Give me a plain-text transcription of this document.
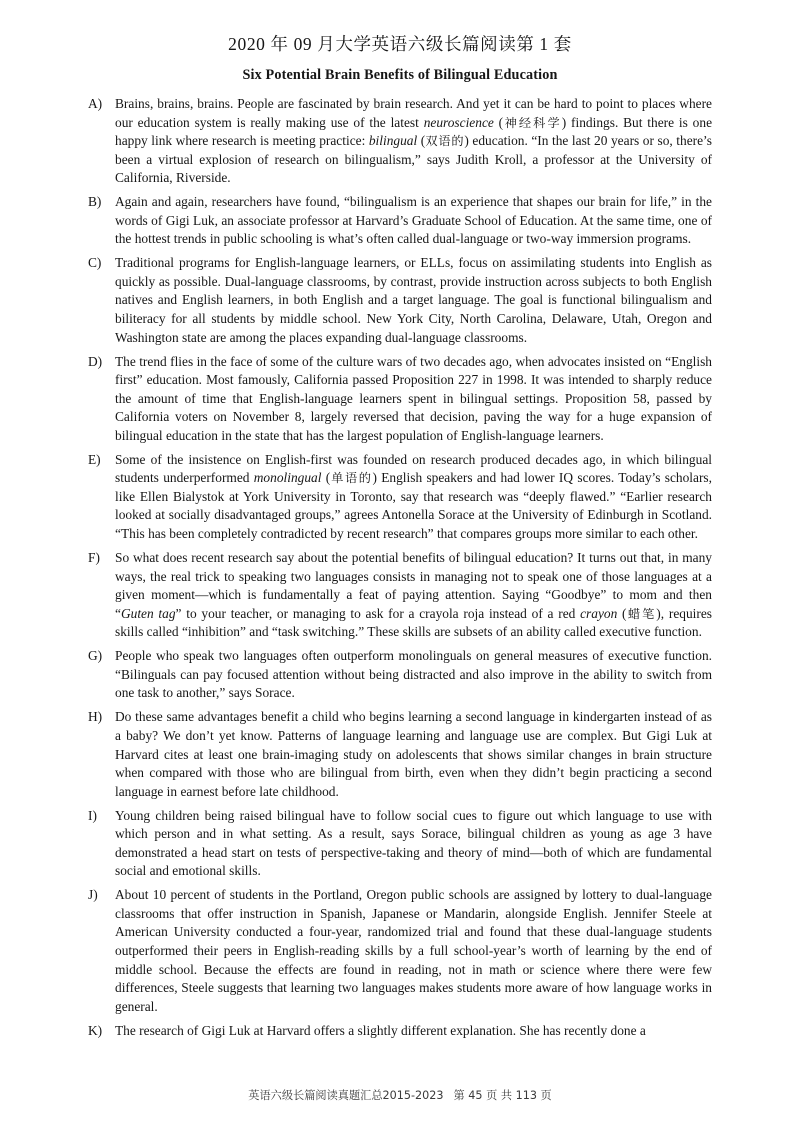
2020 年 09 月大学英语六级长篇阅读第 1 套
Six Potential Brain Benefits of Bilingual Education

A) Brains, brains, brains. People are fascinated by brain research. And yet it can be hard to point to places where our education system is really making use of the latest neuroscience (神经科学) findings. But there is one happy link where research is meeting practice: bilingual (双语的) education. “In the last 20 years or so, there’s been a virtual explosion of research on bilingualism,” says Judith Kroll, a professor at the University of California, Riverside.

B)	Again and again, researchers have found, “bilingualism is an experience that shapes our brain for life,” in the words of Gigi Luk, an associate professor at Harvard’s Graduate School of Education. At the same time, one of the hottest trends in public schooling is what’s often called dual-language or two-way immersion programs.

C)	Traditional programs for English-language learners, or ELLs, focus on assimilating students into English as quickly as possible. Dual-language classrooms, by contrast, provide instruction across subjects to both English natives and English learners, in both English and a target language. The goal is functional bilingualism and biliteracy for all students by middle school. New York City, North Carolina, Delaware, Utah, Oregon and Washington state are among the places expanding dual-language classrooms.

D) The trend flies in the face of some of the culture wars of two decades ago, when advocates insisted on “English first” education. Most famously, California passed Proposition 227 in 1998. It was intended to sharply reduce the amount of time that English-language learners spent in bilingual settings. Proposition 58, passed by California voters on November 8, largely reversed that decision, paving the way for a huge expansion of bilingual education in the state that has the largest population of English-language learners.

E)	Some of the insistence on English-first was founded on research produced decades ago, in which bilingual students underperformed monolingual (单语的) English speakers and had lower IQ scores. Today’s scholars, like Ellen Bialystok at York University in Toronto, say that research was “deeply flawed.” “Earlier research looked at socially disadvantaged groups,” agrees Antonella Sorace at the University of Edinburgh in Scotland. “This has been completely contradicted by recent research” that compares groups more similar to each other.

F)	So what does recent research say about the potential benefits of bilingual education? It turns out that, in many ways, the real trick to speaking two languages consists in managing not to speak one of those languages at a given moment—which is fundamentally a feat of paying attention. Saying “Goodbye” to mom and then “Guten tag” to your teacher, or managing to ask for a crayola roja instead of a red crayon (蜡笔), requires skills called “inhibition” and “task switching.” These skills are subsets of an ability called executive function.

G) People who speak two languages often outperform monolinguals on general measures of executive function. “Bilinguals can pay focused attention without being distracted and also improve in the ability to switch from one task to another,” says Sorace.

H) Do these same advantages benefit a child who begins learning a second language in kindergarten instead of as a baby? We don’t yet know. Patterns of language learning and language use are complex. But Gigi Luk at Harvard cites at least one brain-imaging study on adolescents that shows similar changes in brain structure when compared with those who are bilingual from birth, even when they didn’t begin practicing a second language in earnest before late childhood.

I)	Young children being raised bilingual have to follow social cues to figure out which language to use with which person and in what setting. As a result, says Sorace, bilingual children as young as age 3 have demonstrated a head start on tests of perspective-taking and theory of mind—both of which are fundamental social and emotional skills.

J)	About 10 percent of students in the Portland, Oregon public schools are assigned by lottery to dual-language classrooms that offer instruction in Spanish, Japanese or Mandarin, alongside English. Jennifer Steele at American University conducted a four-year, randomized trial and found that these dual-language students outperformed their peers in English-reading skills by a full school-year’s worth of learning by the end of middle school. Because the effects are found in reading, not in math or science where there were few differences, Steele suggests that learning two languages makes students more aware of how language works in general.

K) The research of Gigi Luk at Harvard offers a slightly different explanation. She has recently done a

英语六级长篇阅读真题汇总2015-2023 第 45 页 共 113 页
